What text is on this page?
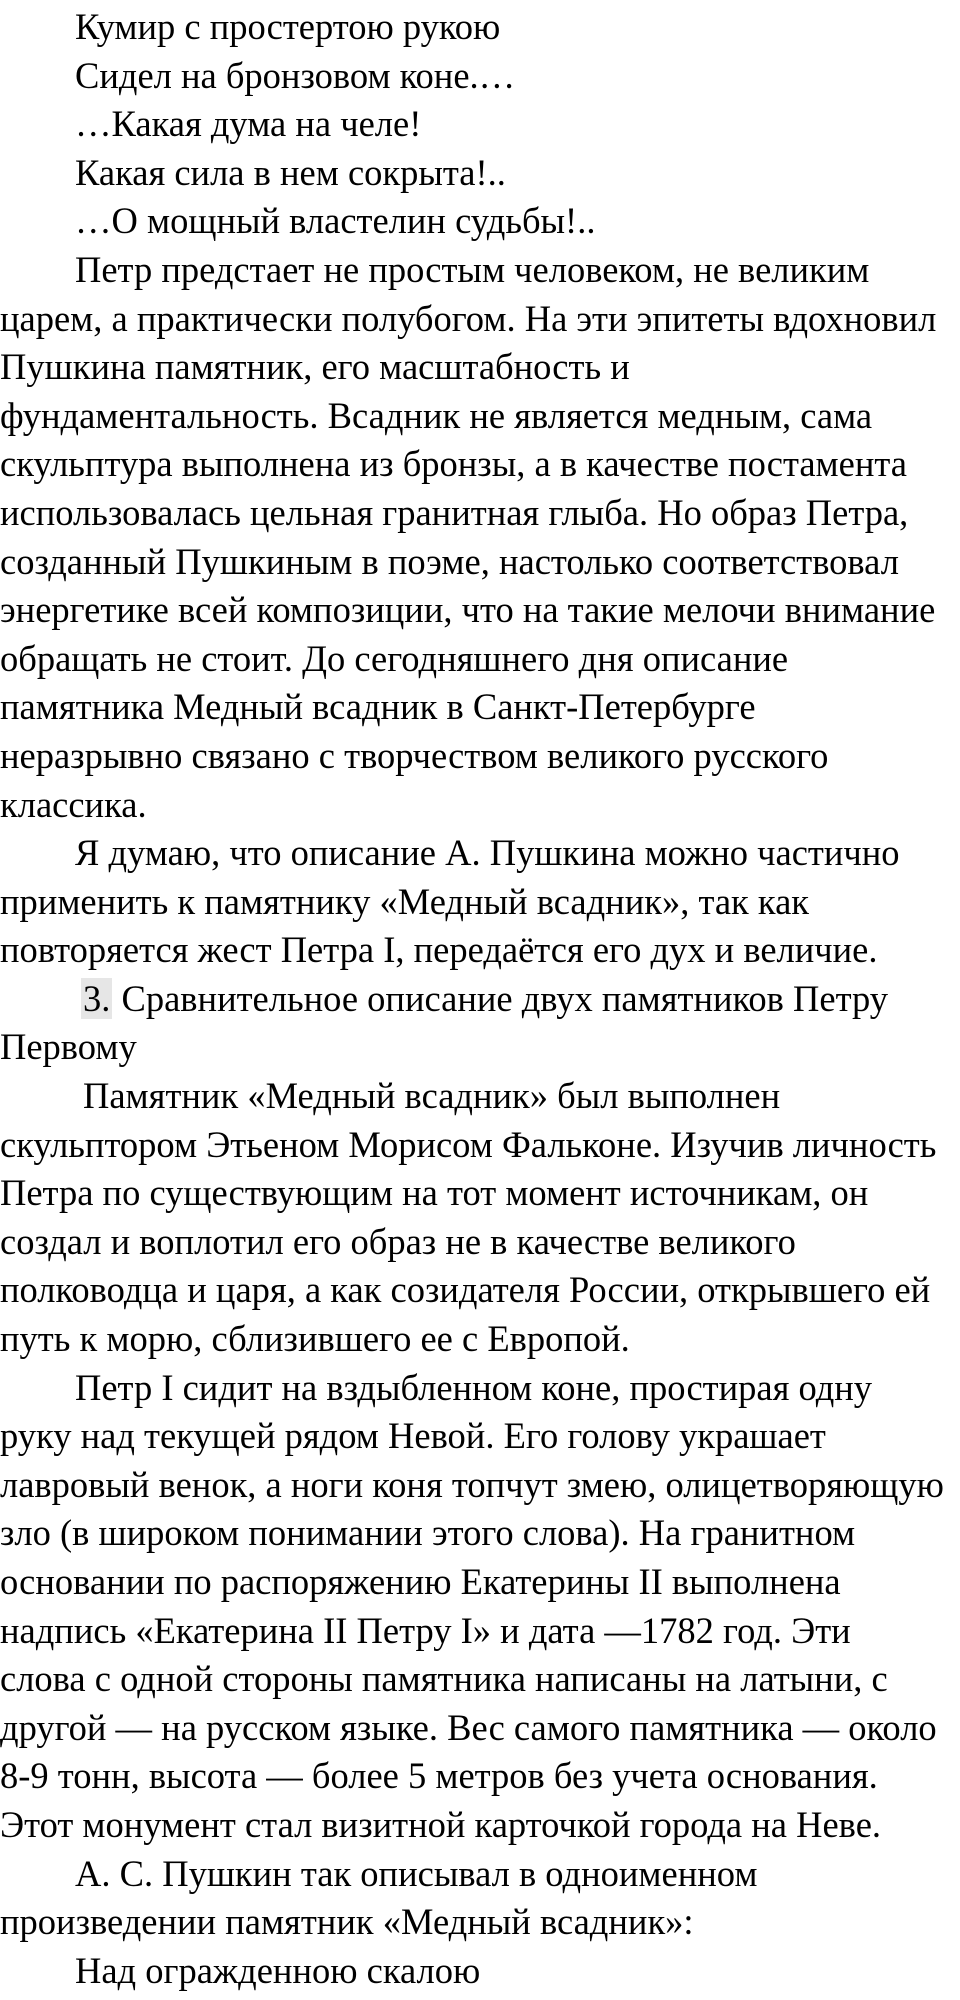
Кумир с простертою рукою
Сидел на бронзовом коне.…
…Какая дума на челе!
Какая сила в нем сокрыта!..
…О мощный властелин судьбы!..
Петр предстает не простым человеком, не великим
царем, а практически полубогом. На эти эпитеты вдохновил
Пушкина памятник, его масштабность и
фундаментальность. Всадник не является медным, сама
скульптура выполнена из бронзы, а в качестве постамента
использовалась цельная гранитная глыба. Но образ Петра,
созданный Пушкиным в поэме, настолько соответствовал
энергетике всей композиции, что на такие мелочи внимание
обращать не стоит. До сегодняшнего дня описание
памятника Медный всадник в Санкт-Петербурге
неразрывно связано с творчеством великого русского
классика.
Я думаю, что описание А. Пушкина можно частично
применить к памятнику «Медный всадник», так как
повторяется жест Петра I, передаётся его дух и величие.
3. Сравнительное описание двух памятников Петру
Первому
Памятник «Медный всадник» был выполнен
скульптором Этьеном Морисом Фальконе. Изучив личность
Петра по существующим на тот момент источникам, он
создал и воплотил его образ не в качестве великого
полководца и царя, а как созидателя России, открывшего ей
путь к морю, сблизившего ее с Европой.
Петр I сидит на вздыбленном коне, простирая одну
руку над текущей рядом Невой. Его голову украшает
лавровый венок, а ноги коня топчут змею, олицетворяющую
зло (в широком понимании этого слова). На гранитном
основании по распоряжению Екатерины II выполнена
надпись «Екатерина II Петру I» и дата —1782 год. Эти
слова с одной стороны памятника написаны на латыни, с
другой — на русском языке. Вес самого памятника — около
8-9 тонн, высота — более 5 метров без учета основания.
Этот монумент стал визитной карточкой города на Неве.
А. С. Пушкин так описывал в одноименном
произведении памятник «Медный всадник»:
Над огражденною скалою
